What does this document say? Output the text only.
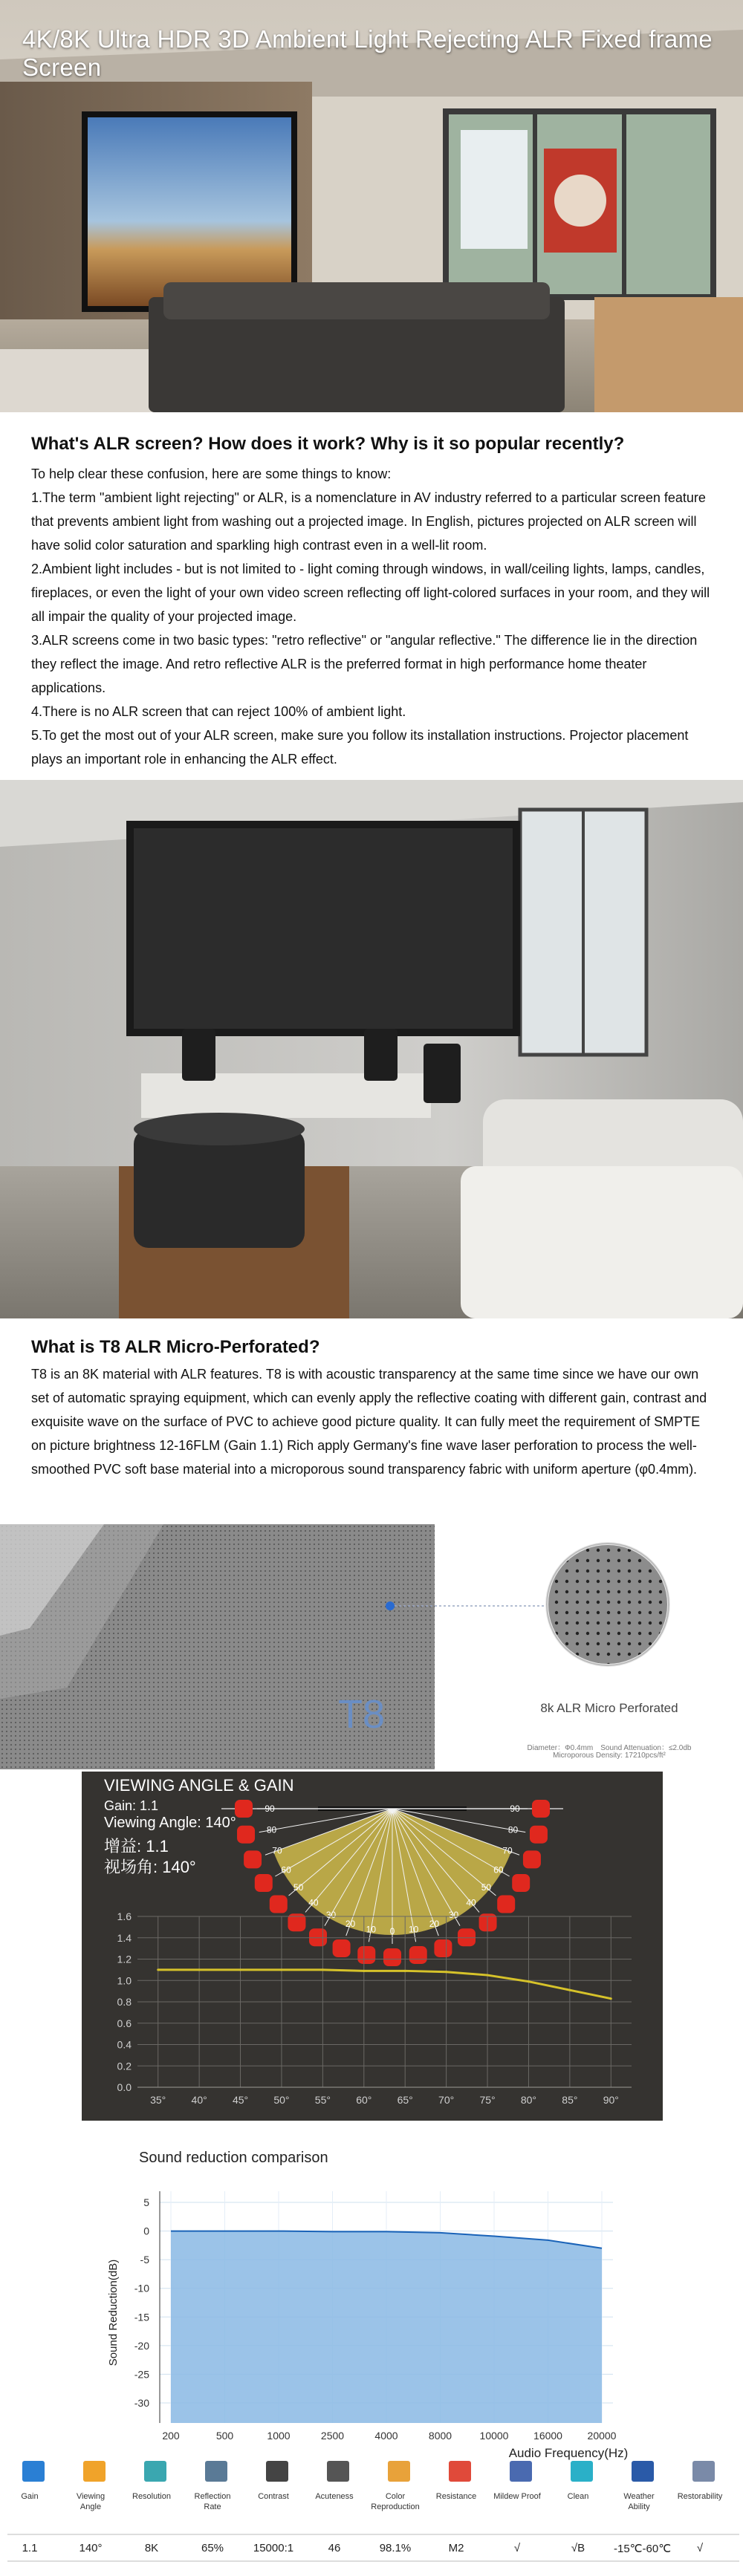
4K/8K Ultra HDR 3D Ambient Light Rejecting ALR Fixed frame Screen
What's ALR screen? How does it work? Why is it so popular recently?

To help clear these confusion, here are some things to know:

1.The term "ambient light rejecting" or ALR, is a nomenclature in AV industry referred to a particular screen feature that prevents ambient light from washing out a projected image. In English, pictures projected on ALR screen will have solid color saturation and sparkling high contrast even in a well-lit room.

2.Ambient light includes - but is not limited to - light coming through windows, in wall/ceiling lights, lamps, candles, fireplaces, or even the light of your own video screen reflecting off light-colored surfaces in your room, and they will all impair the quality of your projected image.

3.ALR screens come in two basic types: "retro reflective" or "angular reflective." The difference lie in the direction they reflect the image. And retro reflective ALR is the preferred format in high performance home theater applications.

4.There is no ALR screen that can reject 100% of ambient light.

5.To get the most out of your ALR screen, make sure you follow its installation instructions. Projector placement plays an important role in enhancing the ALR effect.

What is T8 ALR Micro-Perforated?
T8 is an 8K material with ALR features. T8 is with acoustic transparency at the same time since we have our own set of automatic spraying equipment, which can evenly apply the reflective coating with different gain, contrast and exquisite wave on the surface of PVC to achieve good picture quality. It can fully meet the requirement of SMPTE on picture brightness 12-16FLM (Gain 1.1) Rich apply Germany's fine wave laser perforation to process the well-smoothed PVC soft base material into a microporous sound transparency fabric with uniform aperture (φ0.4mm).
T8	8k ALR Micro Perforated
Diameter：Ф0.4mm　Sound Attenuation：≤2.0db
Microporous Density: 17210pcs/ft²
90
80
70
60
50
40
30
20
10
0
10
20
30
40
50
60
70
80
90
0.0
0.2
0.4
0.6
0.8
1.0
1.2
1.4
1.6
35° 40° 45° 50° 55° 60° 65° 70° 75° 80° 85° 90°
VIEWING ANGLE & GAIN
Gain: 1.1
Viewing Angle: 140°
增益: 1.1
视场角: 140°
Sound reduction comparison
5
0
-5
-10
-15
-20
-25
-30
200	500	1000	2500	4000	8000	10000 16000 20000
Audio Frequency(Hz)
Sound Reduction(dB)
Gain
1.1
Viewing Angle
140°
Resolution
8K
Reflection Rate
65%
Contrast
15000:1
Acuteness
46
Color Reproduction
98.1%
Resistance
M2
Mildew Proof
√
Clean
√B
Weather Ability
-15℃-60℃
Restorability
√
